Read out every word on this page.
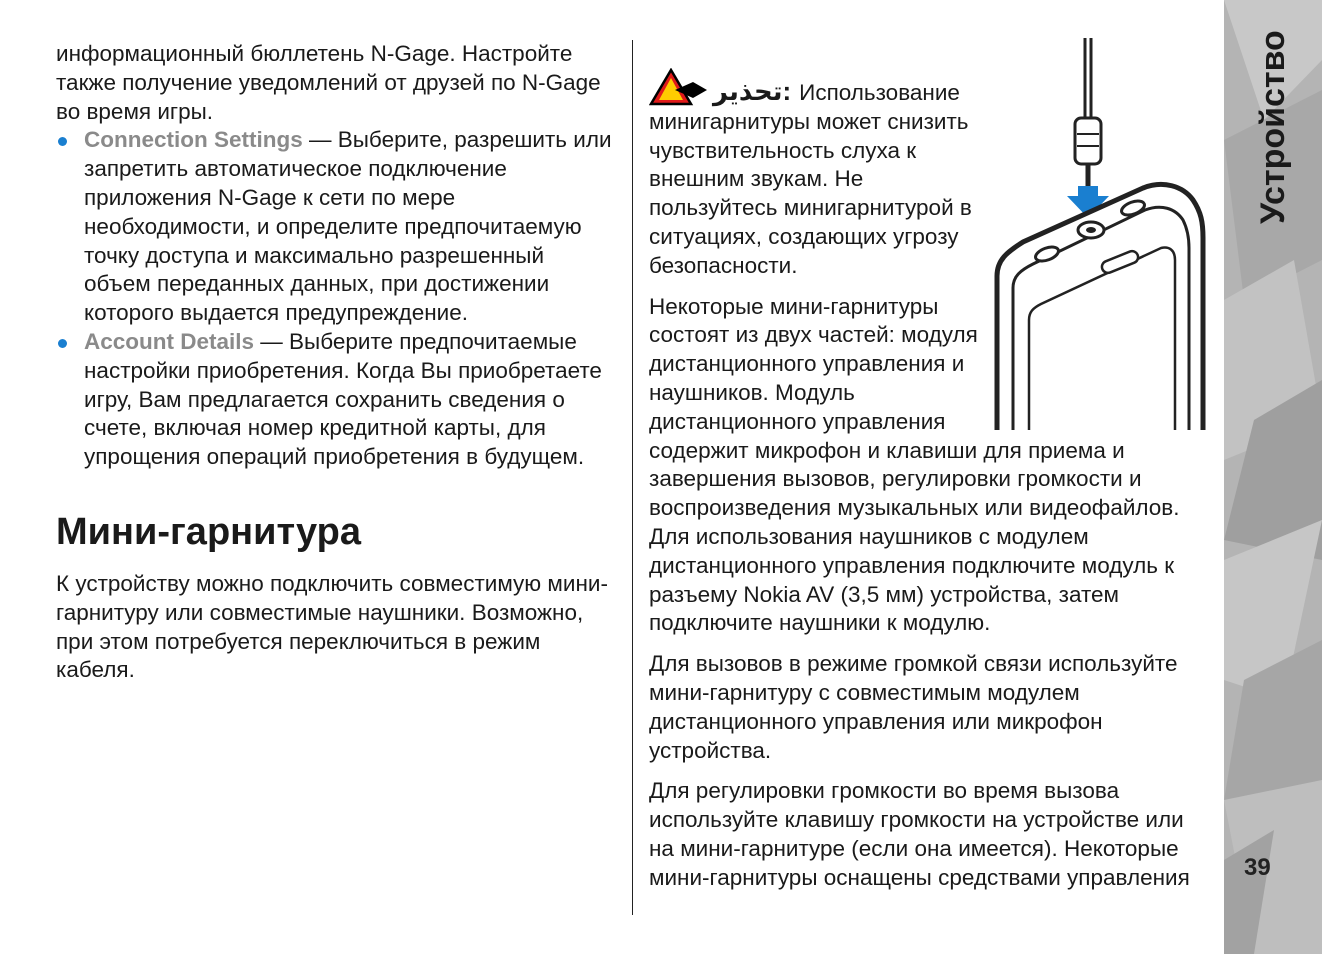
информационный бюллетень N-Gage. Настройте также получение уведомлений от друзей по N-Gage во время игры.

Connection Settings — Выберите, разрешить или запретить автоматическое подключение приложения N-Gage к сети по мере необходимости, и определите предпочитаемую точку доступа и максимально разрешенный объем переданных данных, при достижении которого выдается предупреждение.
Account Details — Выберите предпочитаемые настройки приобретения. Когда Вы приобретаете игру, Вам предлагается сохранить сведения о счете, включая номер кредитной карты, для упрощения операций приобретения в будущем.
Мини-гарнитура

К устройству можно подключить совместимую мини-гарнитуру или совместимые наушники. Возможно, при этом потребуется переключиться в режим кабеля.

تحذير: Использование минигарнитуры может снизить чувствительность слуха к внешним звукам. Не пользуйтесь минигарнитурой в ситуациях, создающих угрозу безопасности.

Некоторые мини-гарнитуры состоят из двух частей: модуля дистанционного управления и наушников. Модуль дистанционного управления содержит микрофон и клавиши для приема и завершения вызовов, регулировки громкости и воспроизведения музыкальных или видеофайлов. Для использования наушников с модулем дистанционного управления подключите модуль к разъему Nokia AV (3,5 мм) устройства, затем подключите наушники к модулю.

Для вызовов в режиме громкой связи используйте мини-гарнитуру с совместимым модулем дистанционного управления или микрофон устройства.

Для регулировки громкости во время вызова используйте клавишу громкости на устройстве или на мини-гарнитуре (если она имеется). Некоторые мини-гарнитуры оснащены средствами управления

Устройство
39
